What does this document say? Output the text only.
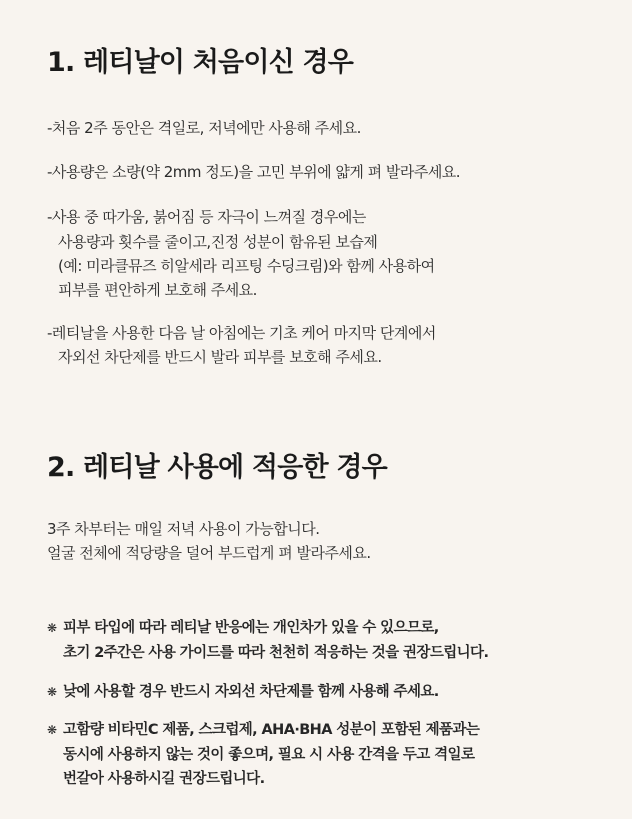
1. 레티날이 처음이신 경우

-처음 2주 동안은 격일로, 저녁에만 사용해 주세요.

-사용량은 소량(약 2mm 정도)을 고민 부위에 얇게 펴 발라주세요.

-사용 중 따가움, 붉어짐 등 자극이 느껴질 경우에는

사용량과 횟수를 줄이고,진정 성분이 함유된 보습제

(예: 미라클뮤즈 히알세라 리프팅 수딩크림)와 함께 사용하여

피부를 편안하게 보호해 주세요.

-레티날을 사용한 다음 날 아침에는 기초 케어 마지막 단계에서

자외선 차단제를 반드시 발라 피부를 보호해 주세요.

2. 레티날 사용에 적응한 경우

3주 차부터는 매일 저녁 사용이 가능합니다.

얼굴 전체에 적당량을 덜어 부드럽게 펴 발라주세요.

❋ 피부 타입에 따라 레티날 반응에는 개인차가 있을 수 있으므로,

초기 2주간은 사용 가이드를 따라 천천히 적응하는 것을 권장드립니다.

❋ 낮에 사용할 경우 반드시 자외선 차단제를 함께 사용해 주세요.

❋ 고함량 비타민C 제품, 스크럽제, AHA·BHA 성분이 포함된 제품과는

동시에 사용하지 않는 것이 좋으며, 필요 시 사용 간격을 두고 격일로

번갈아 사용하시길 권장드립니다.
